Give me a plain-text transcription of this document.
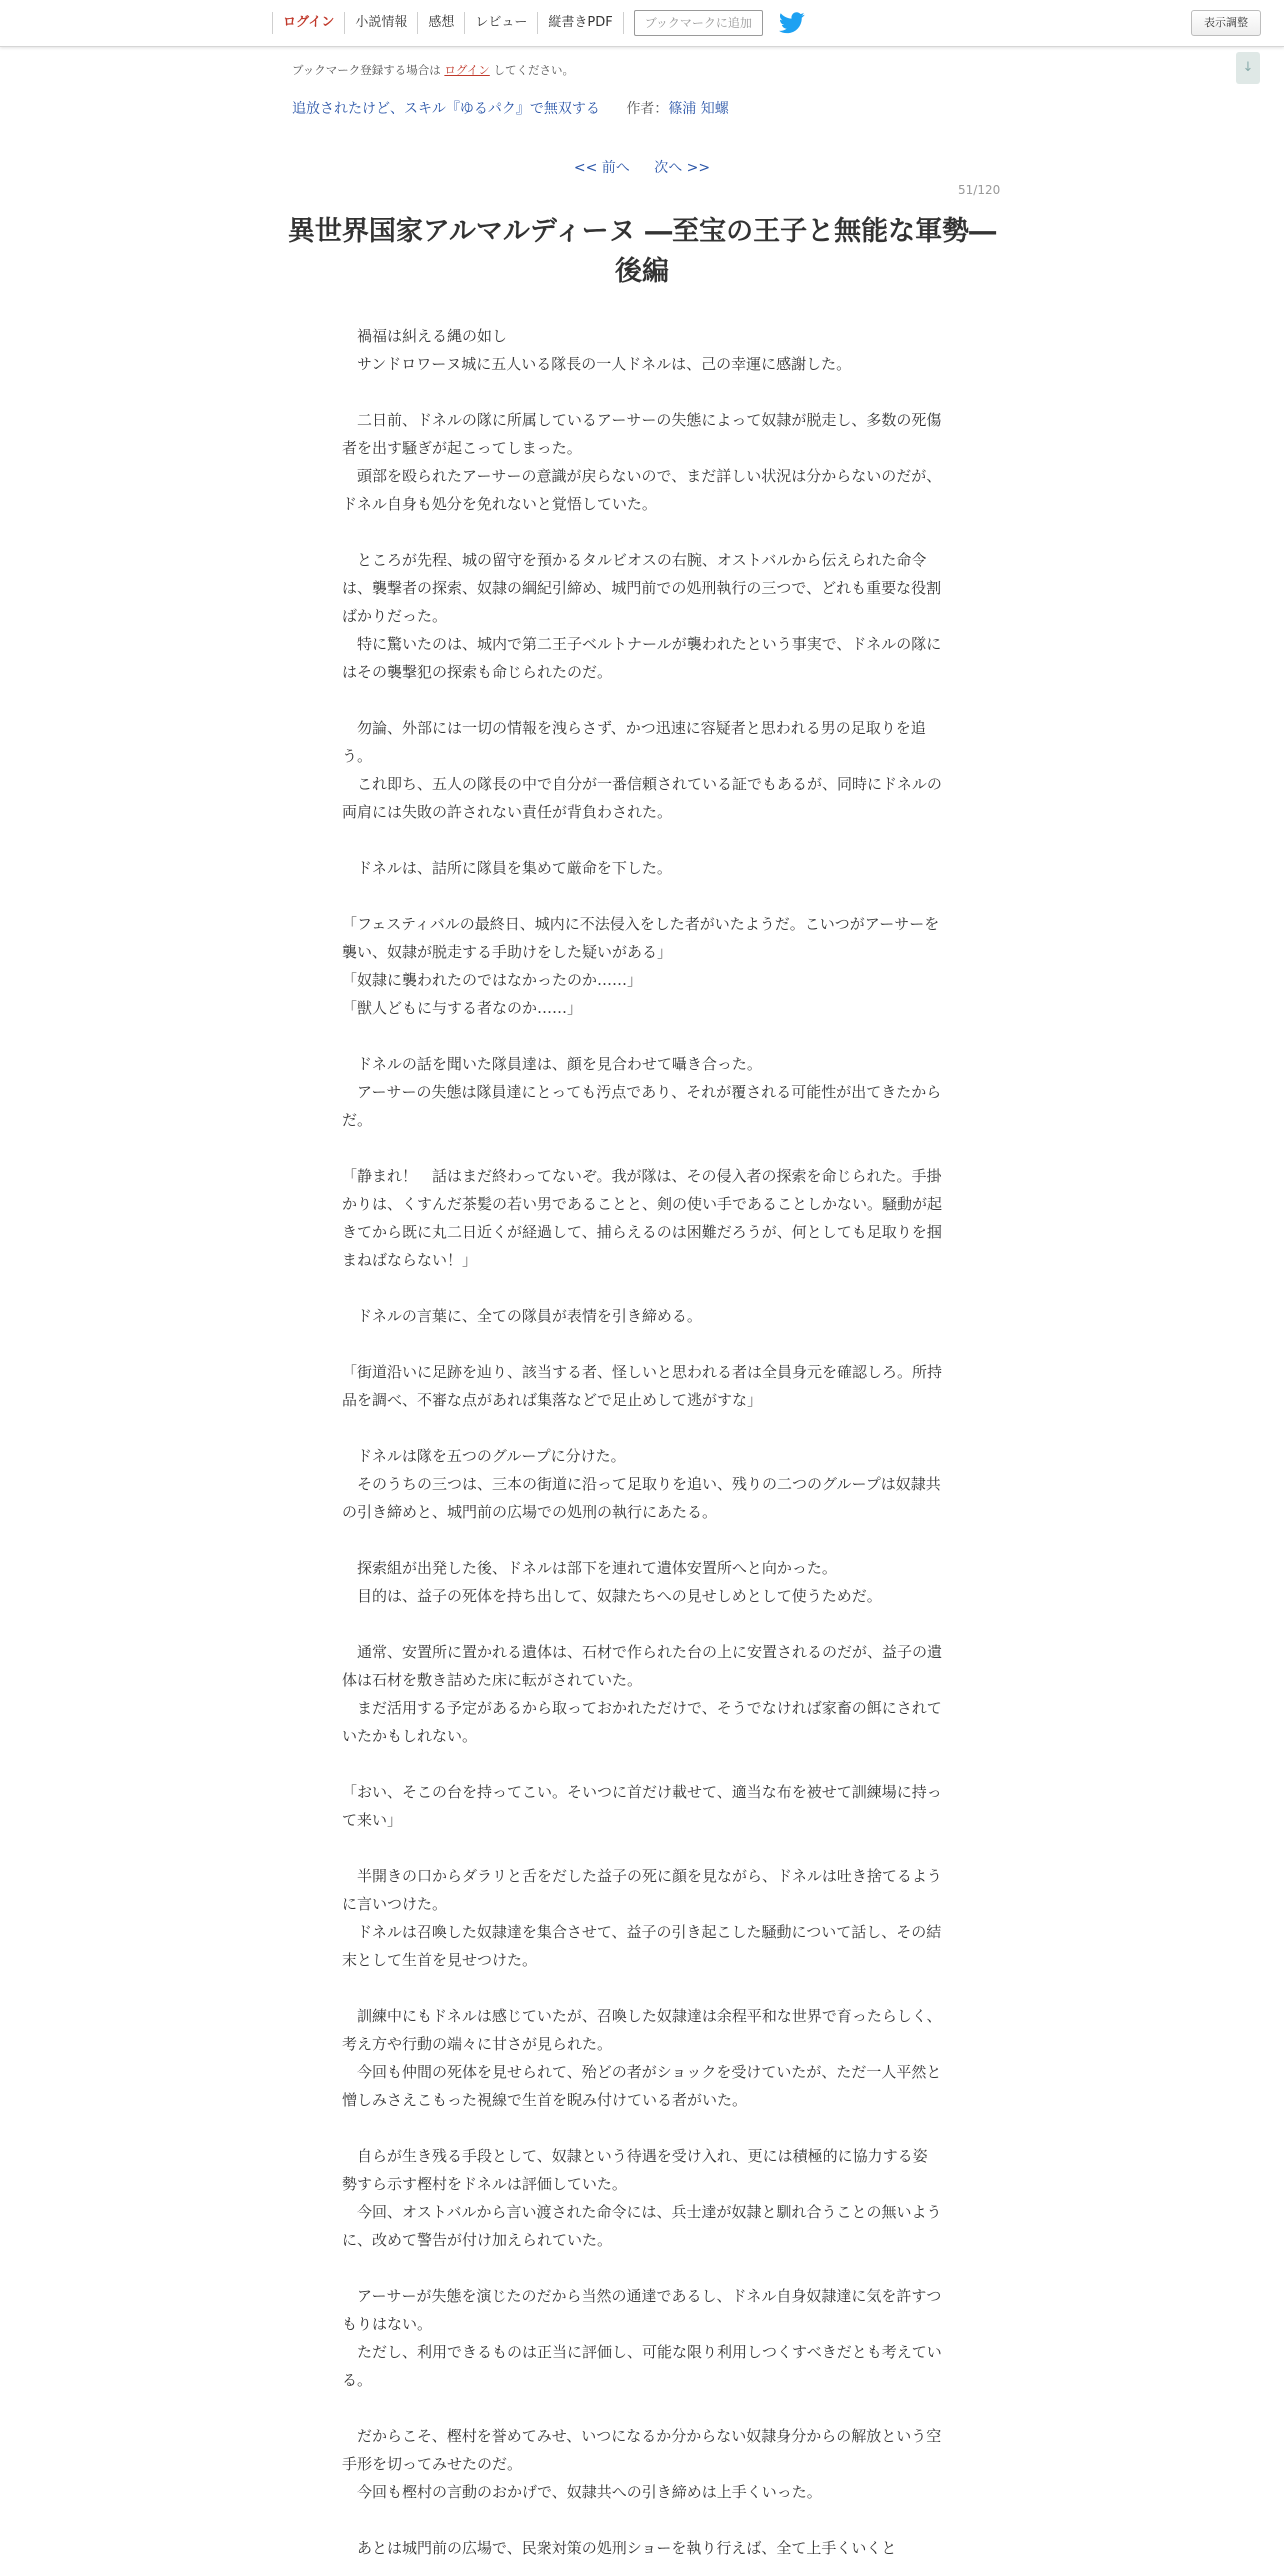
ログイン	小説情報	感想	レビュー	縦書きPDF	ブックマークに追加	表示調整
↓
ブックマーク登録する場合は ログイン してください。
追放されたけど、スキル『ゆるパク』で無双する 作者：篠浦 知螺
<< 前へ 次へ >>
51/120
異世界国家アルマルディーヌ ―至宝の王子と無能な軍勢― 後編

　禍福は糾える縄の如し

　サンドロワーヌ城に五人いる隊長の一人ドネルは、己の幸運に感謝した。

　二日前、ドネルの隊に所属しているアーサーの失態によって奴隷が脱走し、多数の死傷者を出す騒ぎが起こってしまった。

　頭部を殴られたアーサーの意識が戻らないので、まだ詳しい状況は分からないのだが、ドネル自身も処分を免れないと覚悟していた。

　ところが先程、城の留守を預かるタルビオスの右腕、オストバルから伝えられた命令は、襲撃者の探索、奴隷の綱紀引締め、城門前での処刑執行の三つで、どれも重要な役割ばかりだった。

　特に驚いたのは、城内で第二王子ベルトナールが襲われたという事実で、ドネルの隊にはその襲撃犯の探索も命じられたのだ。

　勿論、外部には一切の情報を洩らさず、かつ迅速に容疑者と思われる男の足取りを追う。

　これ即ち、五人の隊長の中で自分が一番信頼されている証でもあるが、同時にドネルの両肩には失敗の許されない責任が背負わされた。

　ドネルは、詰所に隊員を集めて厳命を下した。

「フェスティバルの最終日、城内に不法侵入をした者がいたようだ。こいつがアーサーを襲い、奴隷が脱走する手助けをした疑いがある」

「奴隷に襲われたのではなかったのか……」

「獣人どもに与する者なのか……」

　ドネルの話を聞いた隊員達は、顔を見合わせて囁き合った。

　アーサーの失態は隊員達にとっても汚点であり、それが覆される可能性が出てきたからだ。

「静まれ！　話はまだ終わってないぞ。我が隊は、その侵入者の探索を命じられた。手掛かりは、くすんだ茶髪の若い男であることと、剣の使い手であることしかない。騒動が起きてから既に丸二日近くが経過して、捕らえるのは困難だろうが、何としても足取りを掴まねばならない！」

　ドネルの言葉に、全ての隊員が表情を引き締める。

「街道沿いに足跡を辿り、該当する者、怪しいと思われる者は全員身元を確認しろ。所持品を調べ、不審な点があれば集落などで足止めして逃がすな」

　ドネルは隊を五つのグループに分けた。

　そのうちの三つは、三本の街道に沿って足取りを追い、残りの二つのグループは奴隷共の引き締めと、城門前の広場での処刑の執行にあたる。

　探索組が出発した後、ドネルは部下を連れて遺体安置所へと向かった。

　目的は、益子の死体を持ち出して、奴隷たちへの見せしめとして使うためだ。

　通常、安置所に置かれる遺体は、石材で作られた台の上に安置されるのだが、益子の遺体は石材を敷き詰めた床に転がされていた。

　まだ活用する予定があるから取っておかれただけで、そうでなければ家畜の餌にされていたかもしれない。

「おい、そこの台を持ってこい。そいつに首だけ載せて、適当な布を被せて訓練場に持って来い」

　半開きの口からダラリと舌をだした益子の死に顔を見ながら、ドネルは吐き捨てるように言いつけた。

　ドネルは召喚した奴隷達を集合させて、益子の引き起こした騒動について話し、その結末として生首を見せつけた。

　訓練中にもドネルは感じていたが、召喚した奴隷達は余程平和な世界で育ったらしく、考え方や行動の端々に甘さが見られた。

　今回も仲間の死体を見せられて、殆どの者がショックを受けていたが、ただ一人平然と憎しみさえこもった視線で生首を睨み付けている者がいた。

　自らが生き残る手段として、奴隷という待遇を受け入れ、更には積極的に協力する姿勢すら示す樫村をドネルは評価していた。

　今回、オストバルから言い渡された命令には、兵士達が奴隷と馴れ合うことの無いように、改めて警告が付け加えられていた。

　アーサーが失態を演じたのだから当然の通達であるし、ドネル自身奴隷達に気を許すつもりはない。

　ただし、利用できるものは正当に評価し、可能な限り利用しつくすべきだとも考えている。

　だからこそ、樫村を誉めてみせ、いつになるか分からない奴隷身分からの解放という空手形を切ってみせたのだ。

　今回も樫村の言動のおかげで、奴隷共への引き締めは上手くいった。

　あとは城門前の広場で、民衆対策の処刑ショーを執り行えば、全て上手くいくと
